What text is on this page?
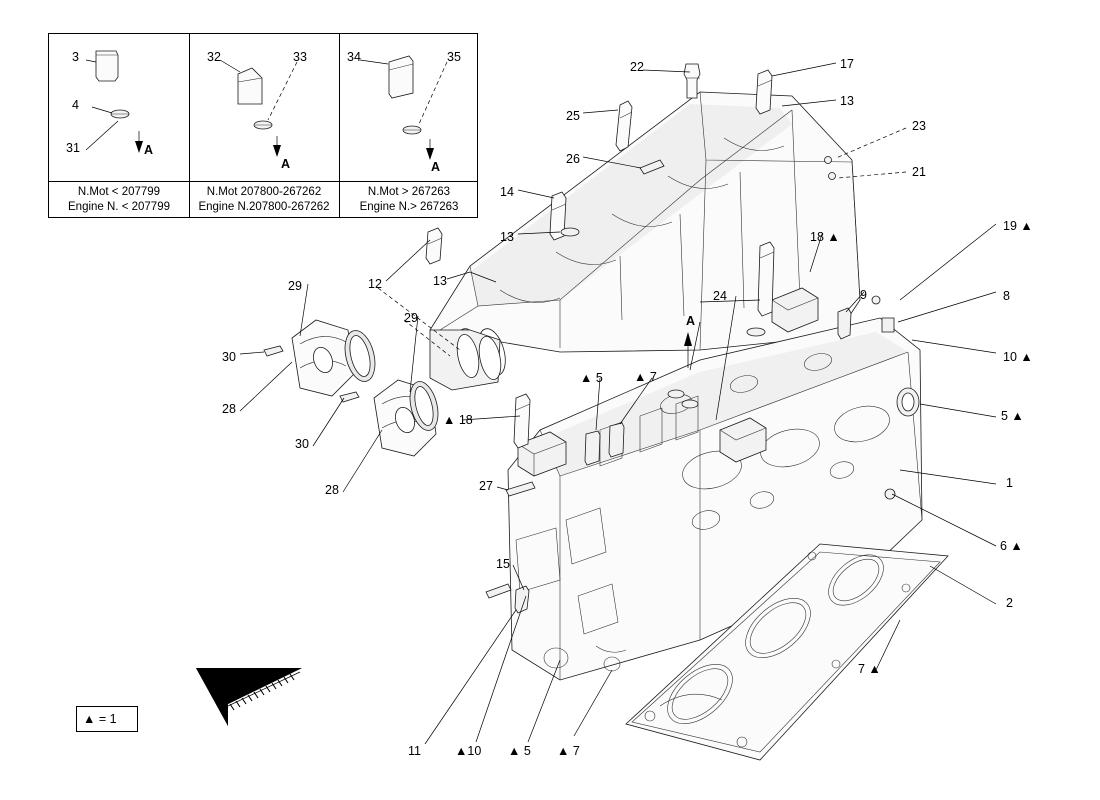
N.Mot < 207799
Engine N. < 207799
N.Mot 207800-267262
Engine N.207800-267262
N.Mot > 267263
Engine N.> 267263
3
4
31	A
32	33
A
34	35
A
22	17
13
25
23
26
21
14
13
19 ▲
18 ▲
29	12	13
9	8
24
29
10 ▲
30
A
▲ 5 ▲ 7
28	5 ▲
▲ 18
30
1
27
28
6 ▲
15
2
7 ▲
11	▲10 ▲ 5 ▲ 7
▲ = 1
